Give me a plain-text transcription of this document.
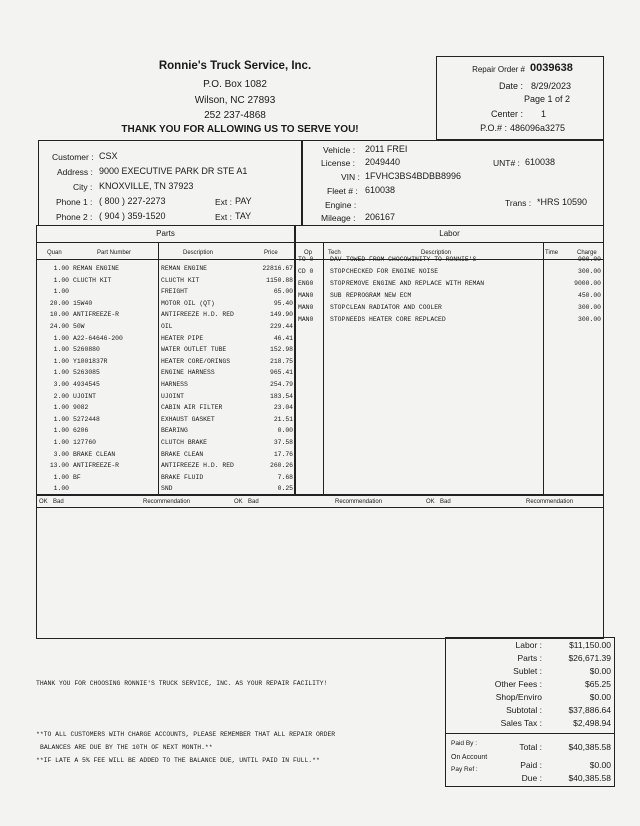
Ronnie's Truck Service, Inc.
P.O. Box 1082
Wilson, NC 27893
252 237-4868
THANK YOU FOR ALLOWING US TO SERVE YOU!
Repair Order # 0039638
Date : 8/29/2023
Page 1 of 2
Center : 1
P.O.# : 486096a3275
Customer : CSX
Address : 9000 EXECUTIVE PARK DR STE A1
City : KNOXVILLE, TN 37923
Phone 1 : ( 800 ) 227-2273	Ext : PAY
Phone 2 : ( 904 ) 359-1520	Ext : TAY
Vehicle : 2011 FREI
License : 2049440	UNT# : 610038
VIN : 1FVHC3BS4BDBB8996
Fleet # : 610038
Engine :	Trans : *HRS 10590
Mileage : 206167
Parts
Quan	Part Number	Description	Price
1.00 REMAN ENGINE	REMAN ENGINE	22816.67
1.00 CLUCTH KIT	CLUCTH KIT	1150.88
1.00	FREIGHT	65.00
20.00 15W40	MOTOR OIL (QT)	95.40
10.00 ANTIFREEZE-R	ANTIFREEZE H.D. RED	149.90
24.00 50W	OIL	229.44
1.00 A22-64646-200	HEATER PIPE	46.41
1.00 5260880	WATER OUTLET TUBE	152.98
1.00 Y1001837R	HEATER CORE/ORINGS	218.75
1.00 5263085	ENGINE HARNESS	965.41
3.00 4934545	HARNESS	254.79
2.00 UJOINT	UJOINT	183.54
1.00 9082	CABIN AIR FILTER	23.04
1.00 5272448	EXHAUST GASKET	21.51
1.00 6206	BEARING	0.00
1.00 127760	CLUTCH BRAKE	37.58
3.00 BRAKE CLEAN	BRAKE CLEAN	17.76
13.00 ANTIFREEZE-R	ANTIFREEZE H.D. RED	260.26
1.00 BF	BRAKE FLUID	7.68
1.00	SND	0.25
Labor
Op	Tech	Description	Time	Charge
TO 0	DAV TOWED FROM CHOCOWINITY TO RONNIE'S	900.00
CD 0	STOP CHECKED FOR ENGINE NOISE	300.00
ENG0	STOP REMOVE ENGINE AND REPLACE WITH REMAN	9000.00
MAN0	SUB REPROGRAM NEW ECM	450.00
MAN0	STOP CLEAN RADIATOR AND COOLER	300.00
MAN0	STOP NEEDS HEATER CORE REPLACED	300.00
OK Bad	Recommendation	OK Bad	Recommendation	OK Bad	Recommendation
THANK YOU FOR CHOOSING RONNIE'S TRUCK SERVICE, INC. AS YOUR REPAIR FACILITY!
**TO ALL CUSTOMERS WITH CHARGE ACCOUNTS, PLEASE REMEMBER THAT ALL REPAIR ORDER
BALANCES ARE DUE BY THE 10TH OF NEXT MONTH.**
**IF LATE A 5% FEE WILL BE ADDED TO THE BALANCE DUE, UNTIL PAID IN FULL.**
Labor :	$11,150.00
Parts :	$26,671.39
Sublet :	$0.00
Other Fees :	$65.25
Shop/Enviro	$0.00
Subtotal :	$37,886.64
Sales Tax :	$2,498.94
Paid By :
On Account
Pay Ref :
Total :	$40,385.58
Paid :	$0.00
Due :	$40,385.58
